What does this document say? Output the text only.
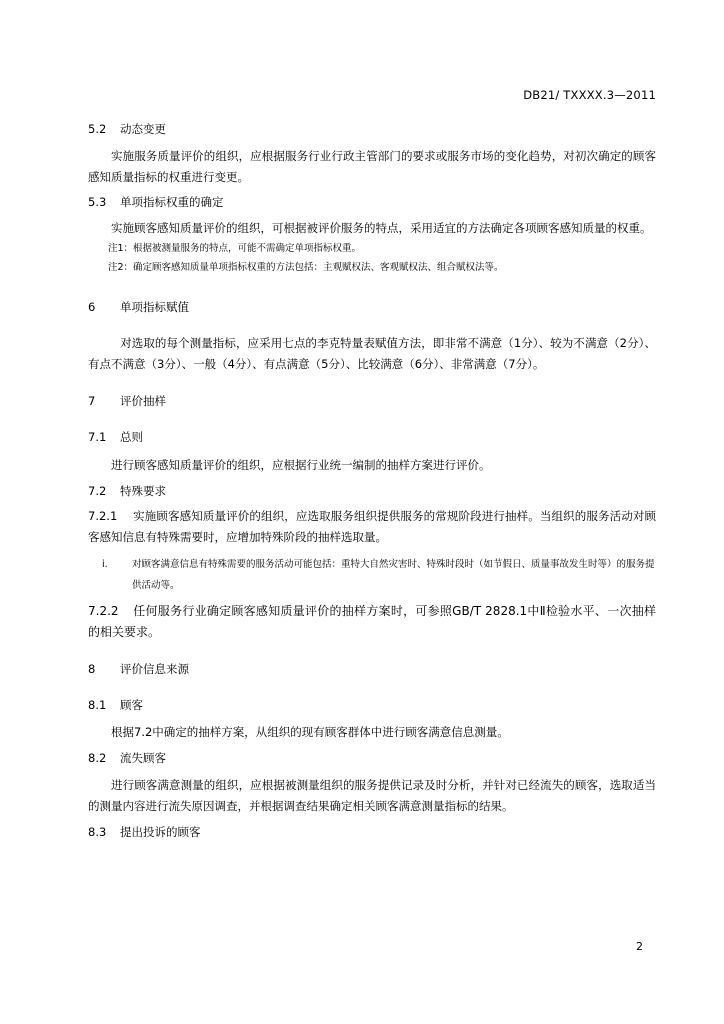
DB21/ TXXXX.3—2011
5.2 动态变更
实施服务质量评价的组织，应根据服务行业行政主管部门的要求或服务市场的变化趋势，对初次确定的顾客感知质量指标的权重进行变更。
5.3 单项指标权重的确定
实施顾客感知质量评价的组织，可根据被评价服务的特点，采用适宜的方法确定各项顾客感知质量的权重。
注1：根据被测量服务的特点，可能不需确定单项指标权重。
注2：确定顾客感知质量单项指标权重的方法包括：主观赋权法、客观赋权法、组合赋权法等。
6 单项指标赋值
对选取的每个测量指标，应采用七点的李克特量表赋值方法，即非常不满意（1分）、较为不满意（2分）、有点不满意（3分）、一般（4分）、有点满意（5分）、比较满意（6分）、非常满意（7分）。
7 评价抽样
7.1 总则
进行顾客感知质量评价的组织，应根据行业统一编制的抽样方案进行评价。
7.2 特殊要求
7.2.1 实施顾客感知质量评价的组织，应选取服务组织提供服务的常规阶段进行抽样。当组织的服务活动对顾客感知信息有特殊需要时，应增加特殊阶段的抽样选取量。
i.	对顾客满意信息有特殊需要的服务活动可能包括：重特大自然灾害时、特殊时段时（如节假日、质量事故发生时等）的服务提供活动等。
7.2.2 任何服务行业确定顾客感知质量评价的抽样方案时，可参照GB/T 2828.1中Ⅱ检验水平、一次抽样的相关要求。
8 评价信息来源
8.1 顾客
根据7.2中确定的抽样方案，从组织的现有顾客群体中进行顾客满意信息测量。
8.2 流失顾客
进行顾客满意测量的组织，应根据被测量组织的服务提供记录及时分析，并针对已经流失的顾客，选取适当的测量内容进行流失原因调查，并根据调查结果确定相关顾客满意测量指标的结果。
8.3 提出投诉的顾客
2
